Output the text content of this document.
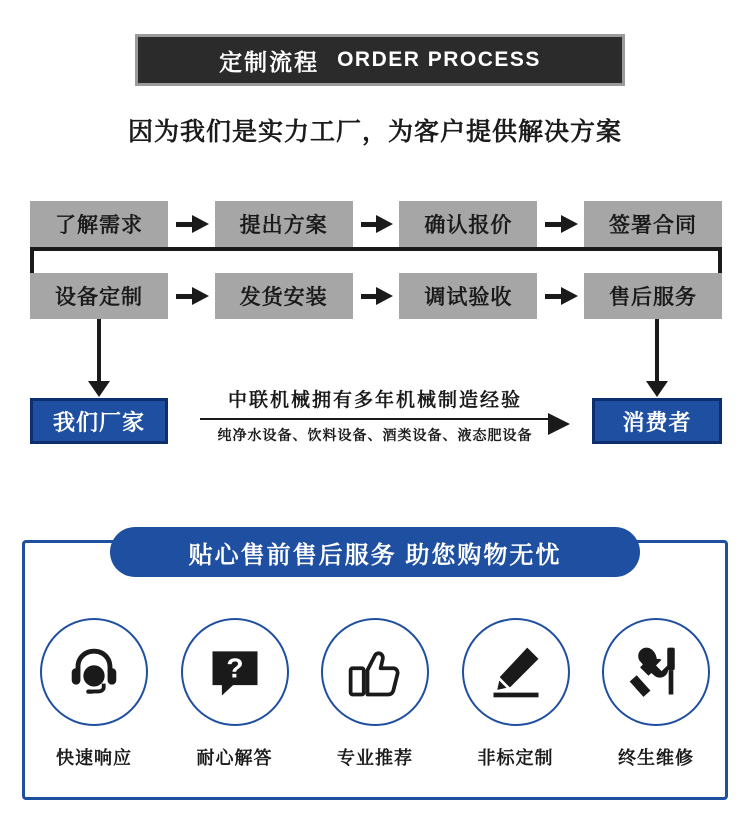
定制流程 ORDER PROCESS
因为我们是实力工厂，为客户提供解决方案
了解需求	提出方案	确认报价	签署合同
设备定制	发货安装	调试验收	售后服务
我们厂家
中联机械拥有多年机械制造经验
纯净水设备、饮料设备、酒类设备、液态肥设备
消费者
贴心售前售后服务 助您购物无忧
快速响应
?
耐心解答	专业推荐	非标定制	终生维修
